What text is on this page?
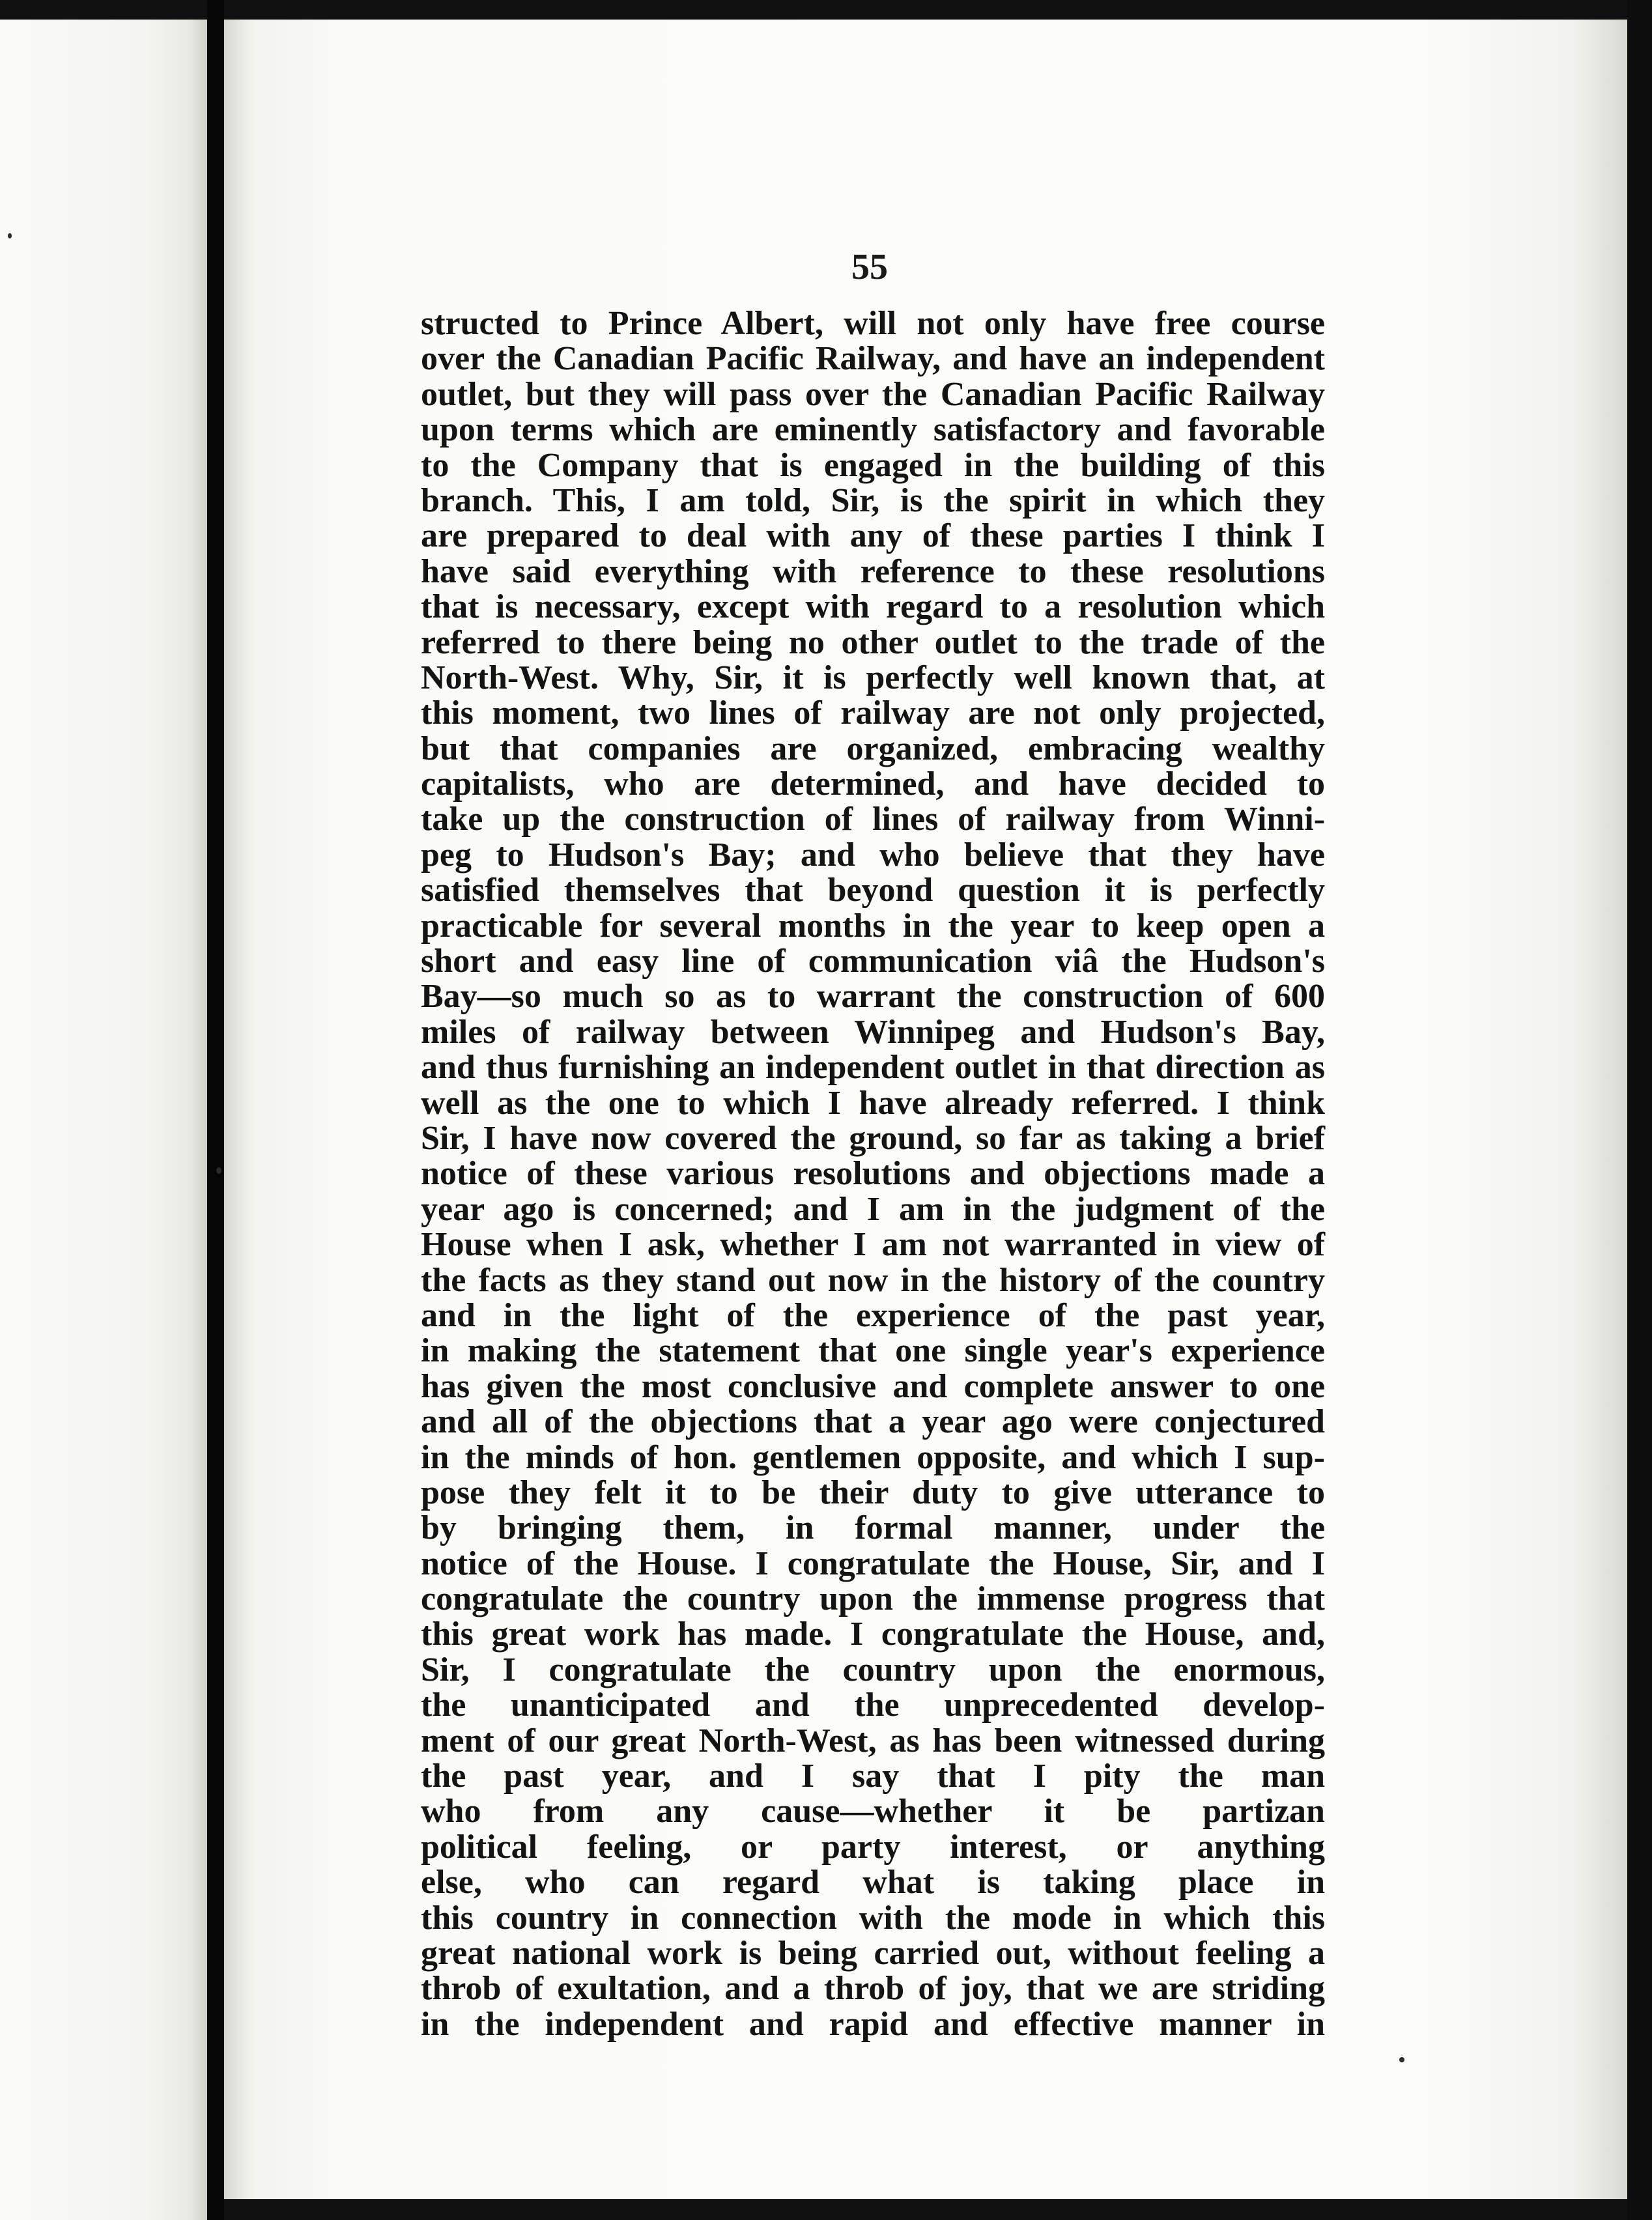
55
structed to Prince Albert, will not only have free course
over the Canadian Pacific Railway, and have an independent
outlet, but they will pass over the Canadian Pacific Railway
upon terms which are eminently satisfactory and favorable
to the Company that is engaged in the building of this
branch. This, I am told, Sir, is the spirit in which they
are prepared to deal with any of these parties I think I
have said everything with reference to these resolutions
that is necessary, except with regard to a resolution which
referred to there being no other outlet to the trade of the
North-West. Why, Sir, it is perfectly well known that, at
this moment, two lines of railway are not only projected,
but that companies are organized, embracing wealthy
capitalists, who are determined, and have decided to
take up the construction of lines of railway from Winni-
peg to Hudson's Bay; and who believe that they have
satisfied themselves that beyond question it is perfectly
practicable for several months in the year to keep open a
short and easy line of communication viâ the Hudson's
Bay—so much so as to warrant the construction of 600
miles of railway between Winnipeg and Hudson's Bay,
and thus furnishing an independent outlet in that direction as
well as the one to which I have already referred. I think
Sir, I have now covered the ground, so far as taking a brief
notice of these various resolutions and objections made a
year ago is concerned; and I am in the judgment of the
House when I ask, whether I am not warranted in view of
the facts as they stand out now in the history of the country
and in the light of the experience of the past year,
in making the statement that one single year's experience
has given the most conclusive and complete answer to one
and all of the objections that a year ago were conjectured
in the minds of hon. gentlemen opposite, and which I sup-
pose they felt it to be their duty to give utterance to
by bringing them, in formal manner, under the
notice of the House. I congratulate the House, Sir, and I
congratulate the country upon the immense progress that
this great work has made. I congratulate the House, and,
Sir, I congratulate the country upon the enormous,
the unanticipated and the unprecedented develop-
ment of our great North-West, as has been witnessed during
the past year, and I say that I pity the man
who from any cause—whether it be partizan
political feeling, or party interest, or anything
else, who can regard what is taking place in
this country in connection with the mode in which this
great national work is being carried out, without feeling a
throb of exultation, and a throb of joy, that we are striding
in the independent and rapid and effective manner in
